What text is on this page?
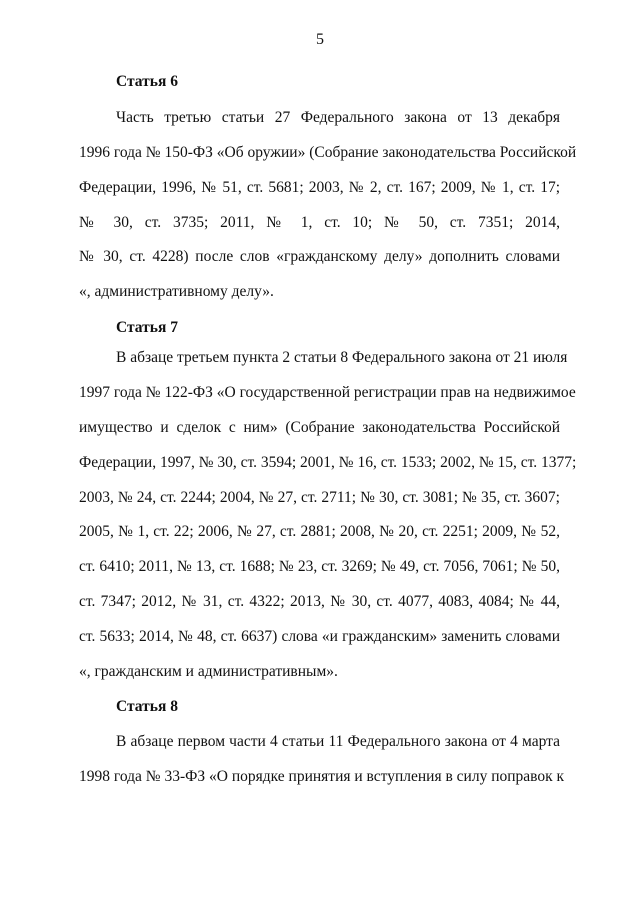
5
Статья 6
Часть третью статьи 27 Федерального закона от 13 декабря
1996 года № 150-ФЗ «Об оружии» (Собрание законодательства Российской
Федерации, 1996, № 51, ст. 5681; 2003, № 2, ст. 167; 2009, № 1, ст. 17;
№ 30, ст. 3735; 2011, № 1, ст. 10; № 50, ст. 7351; 2014,
№ 30, ст. 4228) после слов «гражданскому делу» дополнить словами
«, административному делу».
Статья 7
В абзаце третьем пункта 2 статьи 8 Федерального закона от 21 июля
1997 года № 122-ФЗ «О государственной регистрации прав на недвижимое
имущество и сделок с ним» (Собрание законодательства Российской
Федерации, 1997, № 30, ст. 3594; 2001, № 16, ст. 1533; 2002, № 15, ст. 1377;
2003, № 24, ст. 2244; 2004, № 27, ст. 2711; № 30, ст. 3081; № 35, ст. 3607;
2005, № 1, ст. 22; 2006, № 27, ст. 2881; 2008, № 20, ст. 2251; 2009, № 52,
ст. 6410; 2011, № 13, ст. 1688; № 23, ст. 3269; № 49, ст. 7056, 7061; № 50,
ст. 7347; 2012, № 31, ст. 4322; 2013, № 30, ст. 4077, 4083, 4084; № 44,
ст. 5633; 2014, № 48, ст. 6637) слова «и гражданским» заменить словами
«, гражданским и административным».
Статья 8
В абзаце первом части 4 статьи 11 Федерального закона от 4 марта
1998 года № 33-ФЗ «О порядке принятия и вступления в силу поправок к
